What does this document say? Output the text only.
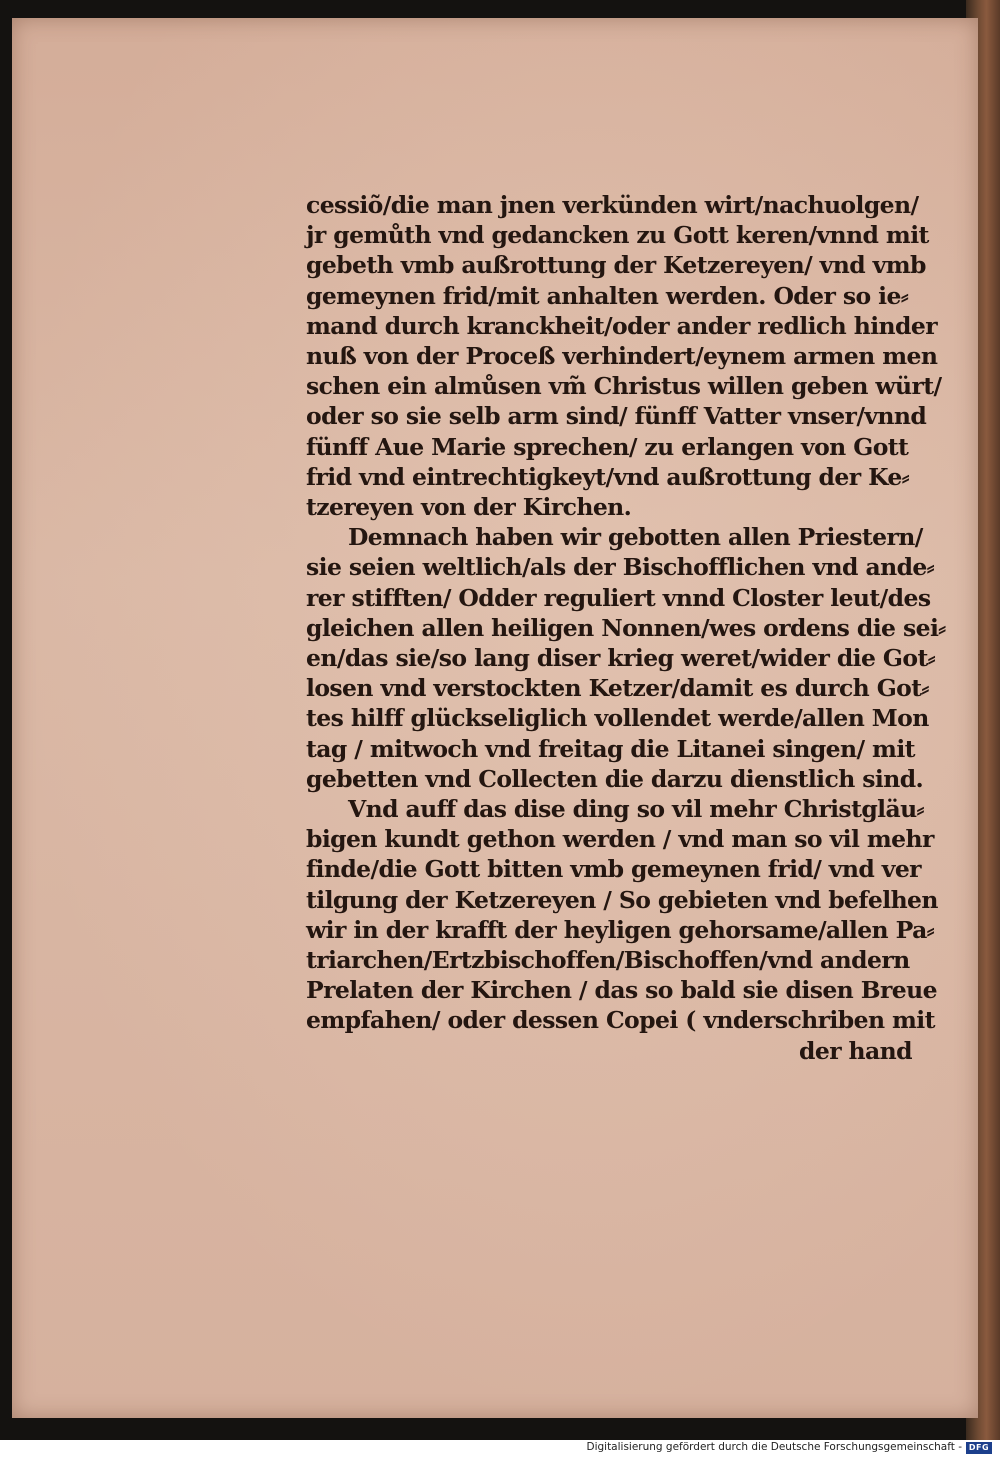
cessiõ/die man jnen verkünden wirt/nachuolgen/
jr gemůth vnd gedancken zu Gott keren/vnnd mit
gebeth vmb außrottung der Ketzereyen/ vnd vmb
gemeynen frid/mit anhalten werden. Oder so ie⸗
mand durch kranckheit/oder ander redlich hinder
nuß von der Proceß verhindert/eynem armen men
schen ein almůsen vm̃ Christus willen geben würt/
oder so sie selb arm sind/ fünff Vatter vnser/vnnd
fünff Aue Marie sprechen/ zu erlangen von Gott
frid vnd eintrechtigkeyt/vnd außrottung der Ke⸗
tzereyen von der Kirchen.
Demnach haben wir gebotten allen Priestern/
sie seien weltlich/als der Bischofflichen vnd ande⸗
rer stifften/ Odder reguliert vnnd Closter leut/des
gleichen allen heiligen Nonnen/wes ordens die sei⸗
en/das sie/so lang diser krieg weret/wider die Got⸗
losen vnd verstockten Ketzer/damit es durch Got⸗
tes hilff glückseliglich vollendet werde/allen Mon
tag / mitwoch vnd freitag die Litanei singen/ mit
gebetten vnd Collecten die darzu dienstlich sind.
Vnd auff das dise ding so vil mehr Christgläu⸗
bigen kundt gethon werden / vnd man so vil mehr
finde/die Gott bitten vmb gemeynen frid/ vnd ver
tilgung der Ketzereyen / So gebieten vnd befelhen
wir in der krafft der heyligen gehorsame/allen Pa⸗
triarchen/Ertzbischoffen/Bischoffen/vnd andern
Prelaten der Kirchen / das so bald sie disen Breue
empfahen/ oder dessen Copei ( vnderschriben mit
der hand
Digitalisierung gefördert durch die Deutsche Forschungsgemeinschaft - DFG
